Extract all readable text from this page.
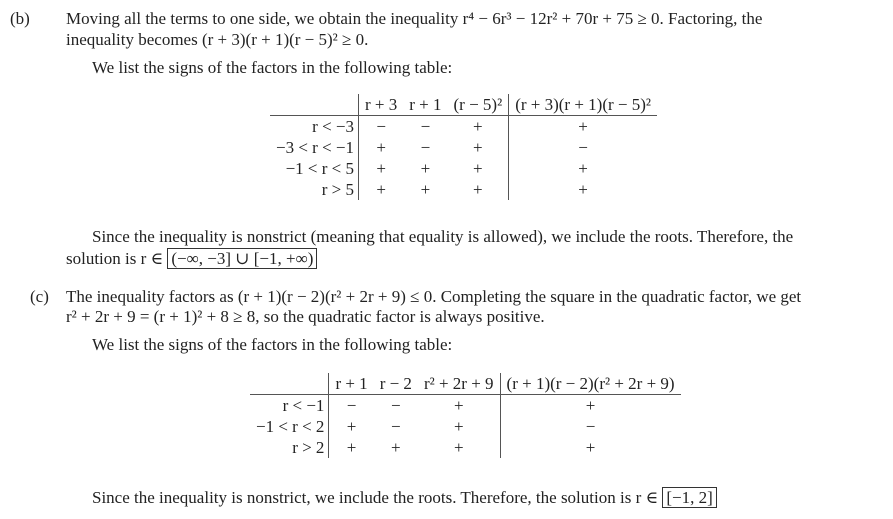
(b) Moving all the terms to one side, we obtain the inequality r⁴ − 6r³ − 12r² + 70r + 75 ≥ 0. Factoring, the
inequality becomes (r + 3)(r + 1)(r − 5)² ≥ 0.
We list the signs of the factors in the following table:
	r + 3	r + 1	(r − 5)²	(r + 3)(r + 1)(r − 5)²
r < −3	−	−	+	+
−3 < r < −1	+	−	+	−
−1 < r < 5	+	+	+	+
r > 5	+	+	+	+
Since the inequality is nonstrict (meaning that equality is allowed), we include the roots. Therefore, the
solution is r ∈ (−∞, −3] ∪ [−1, +∞)
(c) The inequality factors as (r + 1)(r − 2)(r² + 2r + 9) ≤ 0. Completing the square in the quadratic factor, we get
r² + 2r + 9 = (r + 1)² + 8 ≥ 8, so the quadratic factor is always positive.
We list the signs of the factors in the following table:
	r + 1	r − 2	r² + 2r + 9	(r + 1)(r − 2)(r² + 2r + 9)
r < −1	−	−	+	+
−1 < r < 2	+	−	+	−
r > 2	+	+	+	+
Since the inequality is nonstrict, we include the roots. Therefore, the solution is r ∈ [−1, 2]
